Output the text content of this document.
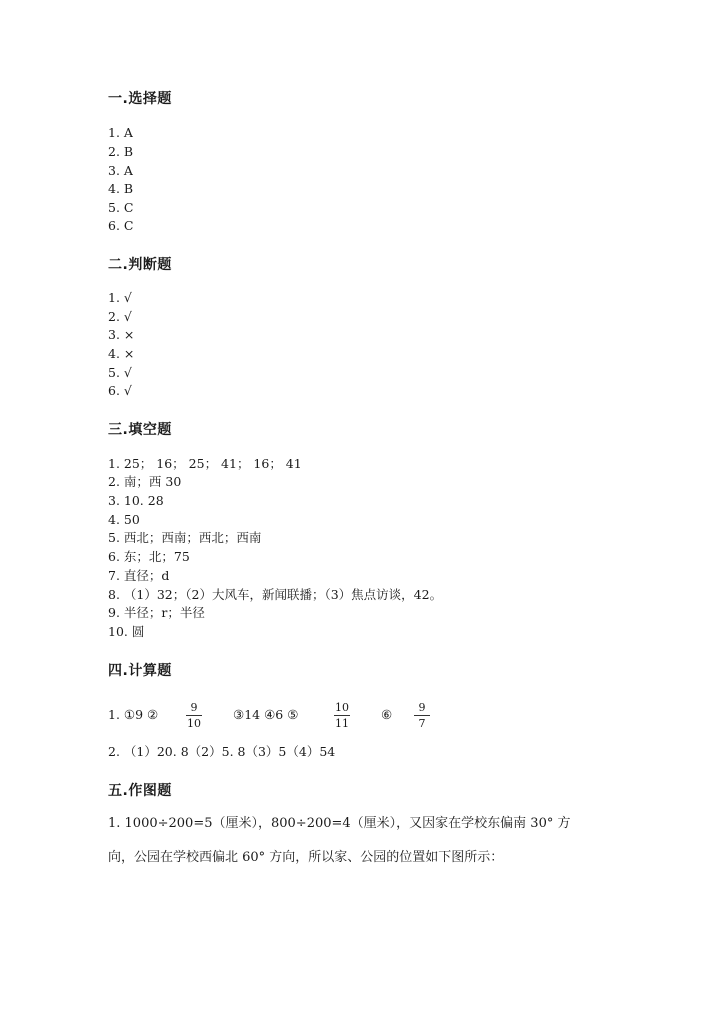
一.选择题
1. A
2. B
3. A
4. B
5. C
6. C
二.判断题
1. √
2. √
3. ×
4. ×
5. √
6. √
三.填空题
1. 25； 16； 25； 41； 16； 41
2. 南；西 30
3. 10. 28
4. 50
5. 西北；西南；西北；西南
6. 东；北；75
7. 直径；d
8. （1）32；（2）大风车，新闻联播；（3）焦点访谈，42。
9. 半径；r；半径
10. 圆
四.计算题
1. ①9 ②	9
10
③14 ④6 ⑤	10
11
⑥ 9
7
2. （1）20. 8（2）5. 8（3）5（4）54
五.作图题
1. 1000÷200=5（厘米），800÷200=4（厘米），又因家在学校东偏南 30° 方
向，公园在学校西偏北 60° 方向，所以家、公园的位置如下图所示：
